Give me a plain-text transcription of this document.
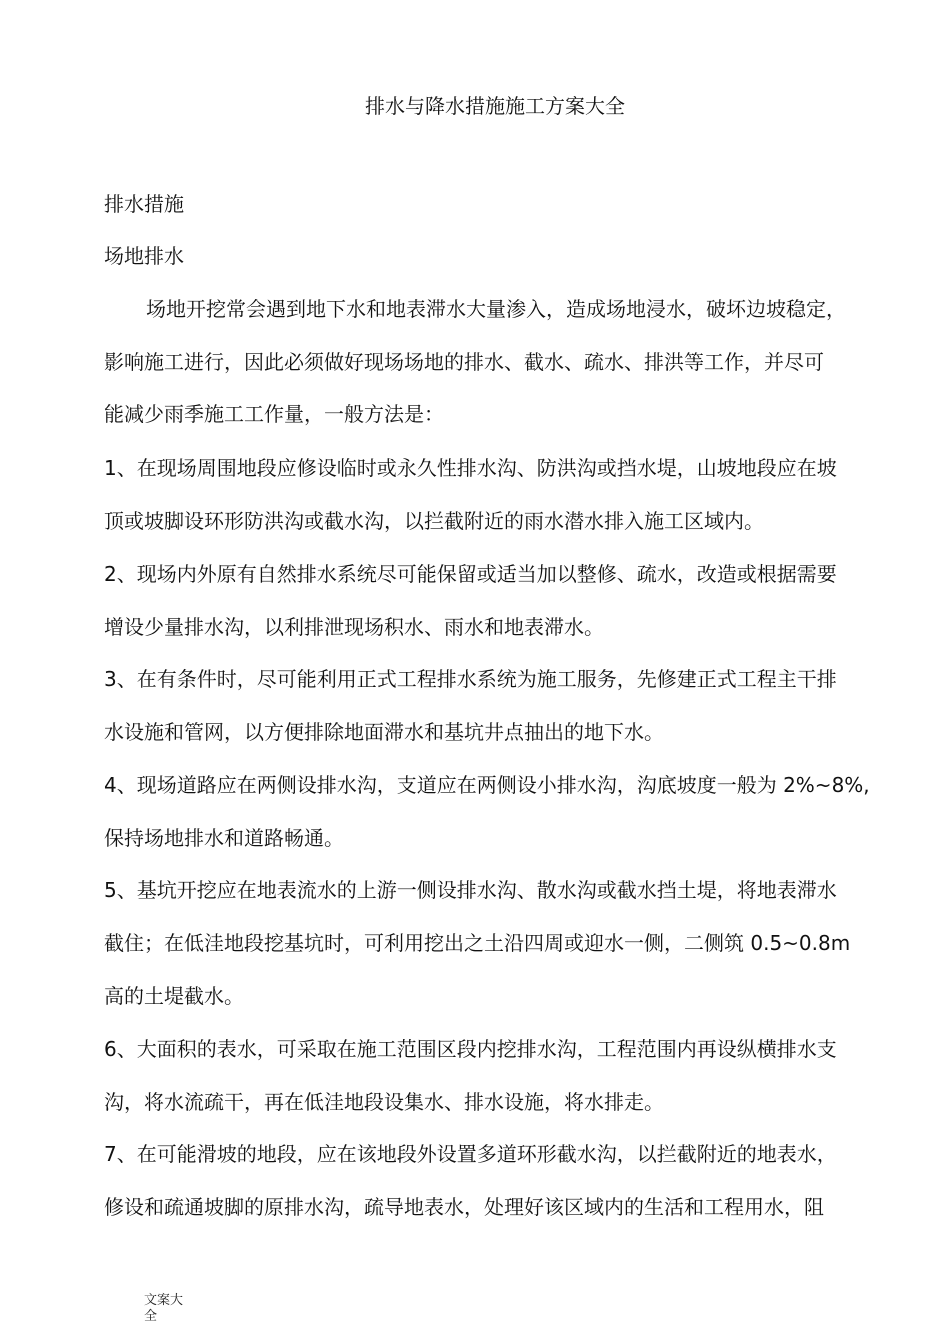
排水与降水措施施工方案大全
排水措施
场地排水
场地开挖常会遇到地下水和地表滞水大量渗入，造成场地浸水，破坏边坡稳定，
影响施工进行，因此必须做好现场场地的排水、截水、疏水、排洪等工作，并尽可
能减少雨季施工工作量，一般方法是：
1、在现场周围地段应修设临时或永久性排水沟、防洪沟或挡水堤，山坡地段应在坡
顶或坡脚设环形防洪沟或截水沟，以拦截附近的雨水潜水排入施工区域内。
2、现场内外原有自然排水系统尽可能保留或适当加以整修、疏水，改造或根据需要
增设少量排水沟，以利排泄现场积水、雨水和地表滞水。
3、在有条件时，尽可能利用正式工程排水系统为施工服务，先修建正式工程主干排
水设施和管网，以方便排除地面滞水和基坑井点抽出的地下水。
4、现场道路应在两侧设排水沟，支道应在两侧设小排水沟，沟底坡度一般为 2%~8%,
保持场地排水和道路畅通。
5、基坑开挖应在地表流水的上游一侧设排水沟、散水沟或截水挡土堤，将地表滞水
截住；在低洼地段挖基坑时，可利用挖出之土沿四周或迎水一侧，二侧筑 0.5~0.8m
高的土堤截水。
6、大面积的表水，可采取在施工范围区段内挖排水沟，工程范围内再设纵横排水支
沟，将水流疏干，再在低洼地段设集水、排水设施，将水排走。
7、在可能滑坡的地段，应在该地段外设置多道环形截水沟，以拦截附近的地表水，
修设和疏通坡脚的原排水沟，疏导地表水，处理好该区域内的生活和工程用水，阻
文案大全
